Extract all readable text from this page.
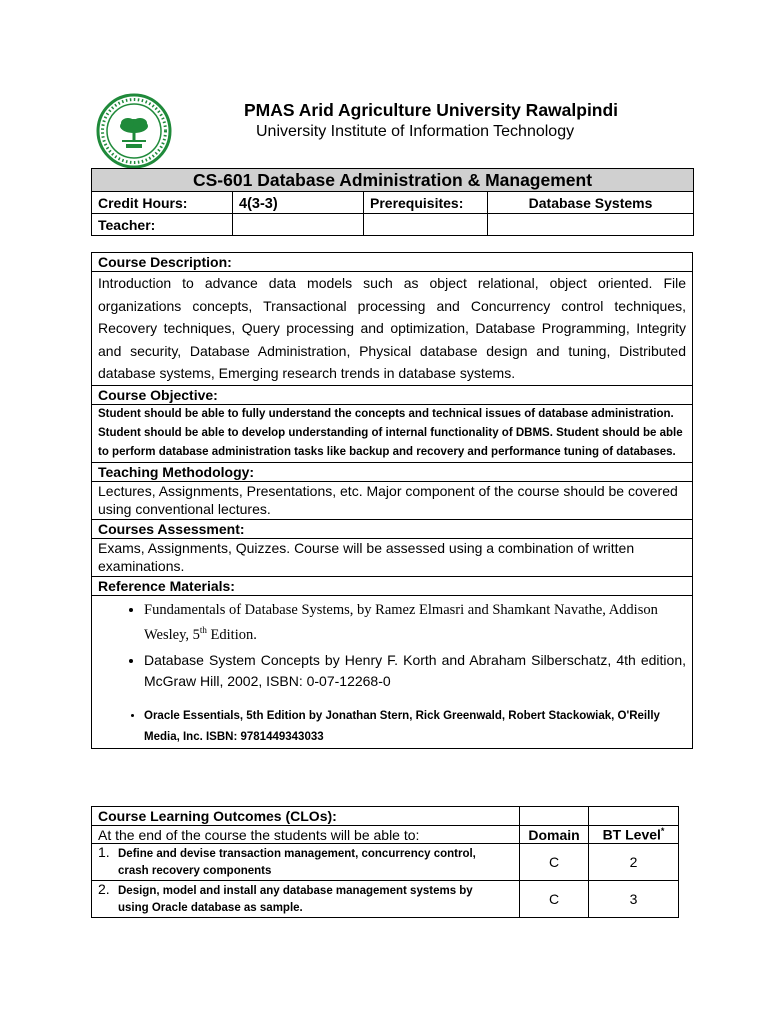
PMAS Arid Agriculture University Rawalpindi
University Institute of Information Technology
CS-601 Database Administration & Management			
Credit Hours:	4(3-3)	Prerequisites:	Database Systems
Teacher:			
Course Description:
Introduction to advance data models such as object relational, object oriented. File organizations concepts, Transactional processing and Concurrency control techniques, Recovery techniques, Query processing and optimization, Database Programming, Integrity and security, Database Administration, Physical database design and tuning, Distributed database systems, Emerging research trends in database systems.
Course Objective:
Student should be able to fully understand the concepts and technical issues of database administration. Student should be able to develop understanding of internal functionality of DBMS. Student should be able to perform database administration tasks like backup and recovery and performance tuning of databases.
Teaching Methodology:
Lectures, Assignments, Presentations, etc. Major component of the course should be covered using conventional lectures.
Courses Assessment:
Exams, Assignments, Quizzes. Course will be assessed using a combination of written examinations.
Reference Materials:

• Fundamentals of Database Systems, by Ramez Elmasri and Shamkant Navathe, Addison Wesley, 5th Edition.
• Database System Concepts by Henry F. Korth and Abraham Silberschatz, 4th edition, McGraw Hill, 2002, ISBN: 0-07-12268-0
• Oracle Essentials, 5th Edition by Jonathan Stern, Rick Greenwald, Robert Stackowiak, O'Reilly Media, Inc. ISBN: 9781449343033
Course Learning Outcomes (CLOs):		
At the end of the course the students will be able to:	Domain	BT Level*
1. Define and devise transaction management, concurrency control, crash recovery components	C	2
2. Design, model and install any database management systems by using Oracle database as sample.	C	3
